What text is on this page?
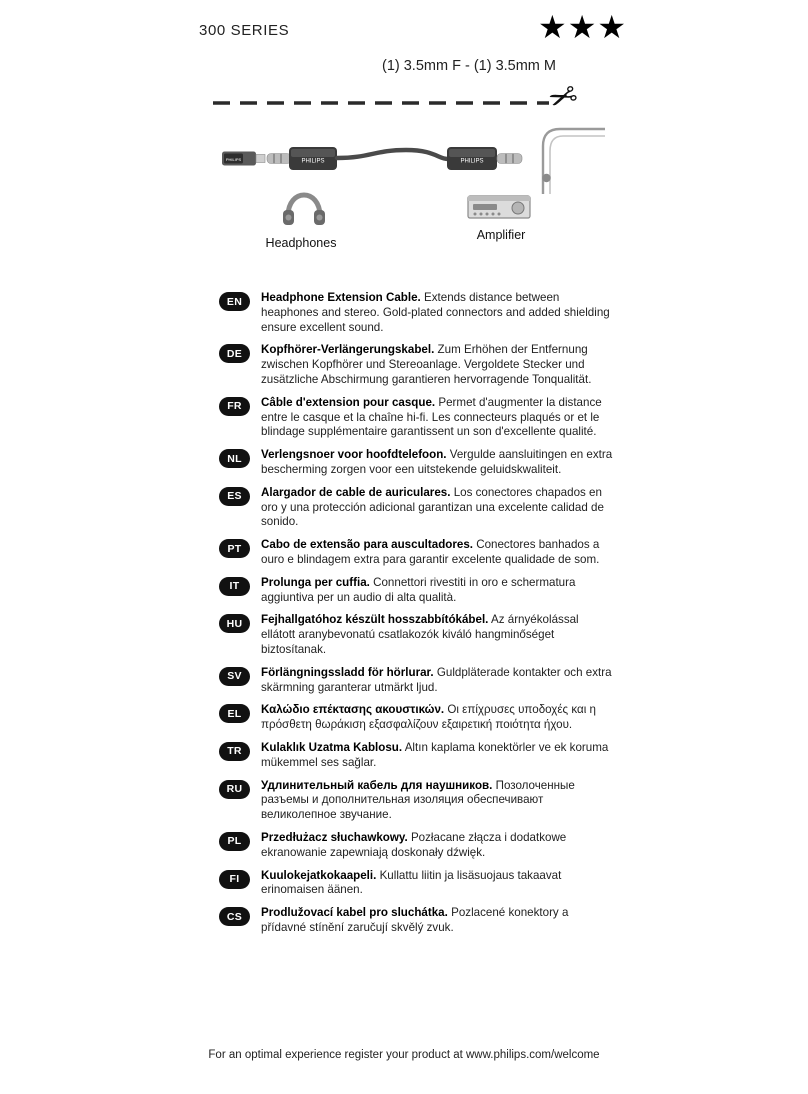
300 SERIES	★★★
(1) 3.5mm F - (1) 3.5mm M
✂
PHILIPS	PHILIPS	PHILIPS
Headphones
Amplifier
EN	Headphone Extension Cable. Extends distance between heaphones and stereo. Gold-plated connectors and added shielding ensure excellent sound.

DE	Kopfhörer-Verlängerungskabel. Zum Erhöhen der Entfernung zwischen Kopfhörer und Stereoanlage. Vergoldete Stecker und zusätzliche Abschirmung garantieren hervorragende Tonqualität.

FR	Câble d'extension pour casque. Permet d'augmenter la distance entre le casque et la chaîne hi-fi. Les connecteurs plaqués or et le blindage supplémentaire garantissent un son d'excellente qualité.

NL	Verlengsnoer voor hoofdtelefoon. Vergulde aansluitingen en extra bescherming zorgen voor een uitstekende geluidskwaliteit.

ES	Alargador de cable de auriculares. Los conectores chapados en oro y una protección adicional garantizan una excelente calidad de sonido.

PT	Cabo de extensão para auscultadores. Conectores banhados a ouro e blindagem extra para garantir excelente qualidade de som.

IT	Prolunga per cuffia. Connettori rivestiti in oro e schermatura aggiuntiva per un audio di alta qualità.

HU	Fejhallgatóhoz készült hosszabbítókábel. Az árnyékolással ellátott aranybevonatú csatlakozók kiváló hangminőséget biztosítanak.

SV	Förlängningssladd för hörlurar. Guldpläterade kontakter och extra skärmning garanterar utmärkt ljud.

EL	Καλώδιο επέκτασης ακουστικών. Οι επίχρυσες υποδοχές και η πρόσθετη θωράκιση εξασφαλίζουν εξαιρετική ποιότητα ήχου.

TR	Kulaklık Uzatma Kablosu. Altın kaplama konektörler ve ek koruma mükemmel ses sağlar.

RU	Удлинительный кабель для наушников. Позолоченные разъемы и дополнительная изоляция обеспечивают великолепное звучание.

PL	Przedłużacz słuchawkowy. Pozłacane złącza i dodatkowe ekranowanie zapewniają doskonały dźwięk.

FI	Kuulokejatkokaapeli. Kullattu liitin ja lisäsuojaus takaavat erinomaisen äänen.

CS	Prodlužovací kabel pro sluchátka. Pozlacené konektory a přídavné stínění zaručují skvělý zvuk.

For an optimal experience register your product at www.philips.com/welcome
